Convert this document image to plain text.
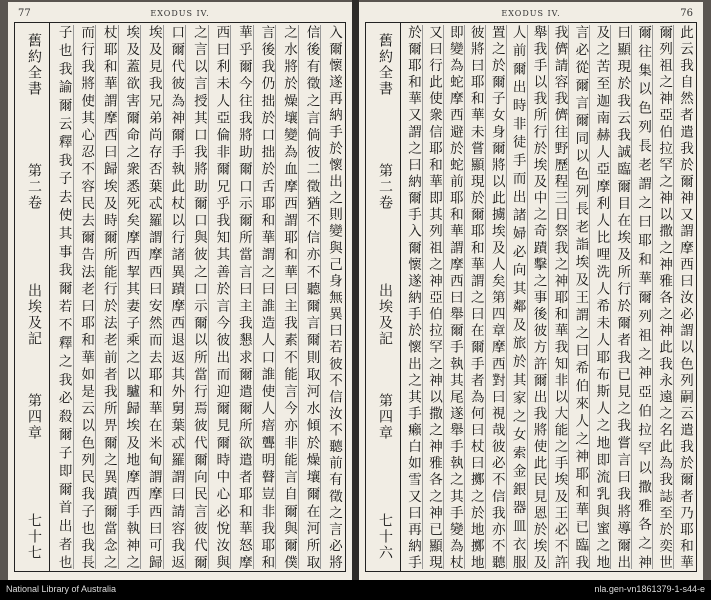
77	EXODUS IV.
舊約全書
第二卷
出埃及記
第四章
七十七	入爾懷遂再納手於懷出之則變與己身無異曰若彼不信汝不聽前有徵之言必將
信後有徵之言倘彼二徵猶不信亦不聽爾言爾則取河水傾於燥壤爾在河所取
之水將於燥壤變為血摩西謂耶和華曰主我素不能言今亦非能言自爾與爾僕
言後我仍拙於口拙於舌耶和華謂之曰誰造人口誰使人瘖聾明瞽豈非我耶和
華乎爾今往我將助爾口示爾所當言曰主我懇求爾遣爾所欲遣者耶和華怒摩
西曰利未人亞倫非爾兄乎我知其善於言今彼出而迎爾見爾時中心必悅汝與
之言以言授其口我將助爾口與彼之口示爾以所當行焉彼代爾向民言彼代爾
口爾代彼為神爾手執此杖以行諸異蹟摩西退返其外舅葉忒羅謂曰請容我返
埃及見我兄弟尚存否葉忒羅謂摩西曰安然而去耶和華在米甸謂摩西曰可歸
埃及蓋欲害爾命之衆悉死矣摩西挈其妻子乘之以驢歸埃及地摩西手執神之
杖耶和華謂摩西曰歸埃及時爾所能行於法老前者我所畀爾之異蹟爾當念之
而行我將使其心忍不容民去爾告法老曰耶和華如是云以色列民我子也我長
子也我諭爾云釋我子去使其事我爾若不釋之我必殺爾子即爾首出者也
76
EXODUS IV.
舊約全書
第二卷
出埃及記
第四章
七十六	此云我自然者遣我於爾神又謂摩西曰汝必謂以色列嗣云遣我於爾者乃耶和華
爾列祖之神亞伯拉罕之神以撒之神雅各之神此我永遠之名此為我誌至於奕世
爾往集以色列長老謂之曰耶和華爾列祖之神亞伯拉罕以撒雅各之神
曰顯現於我云我誠臨爾目在埃及所行於爾者我已見之我嘗言曰我將導爾出
及之苦至迦南赫人亞摩利人比哩洗人希未人耶布斯人之地即流乳與蜜之地
言必從爾言爾同以色列長老詣埃及王謂之曰希伯來人之神耶和華已臨我
我儕請容我儕往野歷程三日祭我之神耶和華我知非以大能之手埃及王必不許
舉我手以我所行於埃及中之奇蹟擊之事後彼方許爾出我將使此民見恩於埃及
人前爾出時非徒手而出諸婦必向其鄰及旅於其家之女索金銀器皿衣服
置之於爾子女身爾將以此擄埃及人矣第四章摩西對曰視哉彼必不信我亦不聽
彼將曰耶和華未嘗顯現於爾耶和華謂之曰在爾手者為何曰杖曰擲之於地擲地
即變為蛇摩西避於蛇前耶和華謂摩西曰舉爾手執其尾遂舉手執之其手變為杖
又曰行此使衆信耶和華即其列祖之神亞伯拉罕之神以撒之神雅各之神已顯現
於爾耶和華又謂之曰納爾手入爾懷遂納手於懷出之其手癩白如雪又曰再納手
National Library of Australia	nla.gen-vn1861379-1-s44-e
